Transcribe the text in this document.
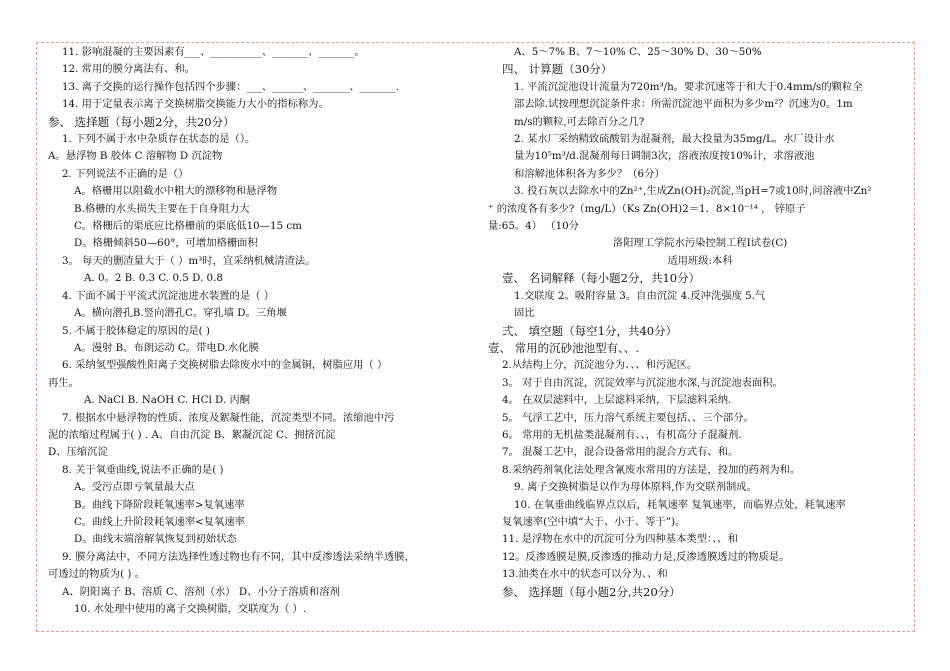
11. 影响混凝的主要因素有___、__________、_______、_______。
12. 常用的膜分离法有、和。
13. 离子交换的运行操作包括四个步骤：___、______、_______、_______.
14. 用于定量表示离子交换树脂交换能力大小的指标称为。
参、 选择题（每小题2分，共20分）
1. 下列不属于水中杂质存在状态的是（）。
A。悬浮物 B 胶体 C 溶解物 D 沉淀物
2. 下列说法不正确的是（）
A。格栅用以阻截水中粗大的漂移物和悬浮物
B.格栅的水头损失主要在于自身阻力大
C。格栅后的渠底应比格栅前的渠底低10—15 cm
D。格栅倾斜50—60°，可增加格栅面积
3。 每天的删渣量大于（ ）m³时，宜采纳机械清渣法。
A. 0。2 B. 0.3 C. 0.5 D. 0.8
4. 下面不属于平流式沉淀池进水装置的是（ ）
A。横向潜孔B.竖向潜孔C。穿孔墙 D。三角堰
5. 不属于胶体稳定的原因的是( )
A。漫射 B。布朗运动 C。带电D.水化膜
6. 采纳氢型强酸性阳离子交换树脂去除废水中的金属铜，树脂应用（ ）
再生。
A. NaCl B. NaOH C. HCl D. 丙酮
7. 根据水中悬浮物的性质、浓度及絮凝性能，沉淀类型不同。浓缩池中污
泥的浓缩过程属于( ) . A、自由沉淀 B、絮凝沉淀 C、拥挤沉淀
D、压缩沉淀
8. 关于氧垂曲线,说法不正确的是( )
A。受污点即亏氧量最大点
B。曲线下降阶段耗氧速率>复氧速率
C。曲线上升阶段耗氧速率<复氧速率
D。曲线末端溶解氧恢复到初始状态
9. 膜分离法中，不同方法选择性透过物也有不同，其中反渗透法采纳半透膜，
可透过的物质为( ) 。
A、阴阳离子 B、溶质 C、溶剂（水） D、小分子溶质和溶剂
10. 水处理中使用的离子交换树脂，交联度为（ ）.
A、5～7% B、7～10% C、25～30% D、30～50%
四、 计算题（30分）
1. 平流沉淀池设计流量为720m³/h。要求沉速等于和大于0.4mm/s的颗粒全
部去除.试按理想沉淀条件求：所需沉淀池平面积为多少m²？沉速为0。1m
m/s的颗粒,可去除百分之几?
2. 某水厂采纳精致硫酸铝为混凝剂，最大投量为35mg/L。水厂设计水
量为10⁵m³/d.混凝剂每日调制3次，溶液浓度按10%计，求溶液池
和溶解池体积各为多少？（6分）
3. 投石灰以去除水中的Zn²⁺,生成Zn(OH)₂沉淀,当pH=7或10时,问溶液中Zn²
⁺ 的浓度各有多少?（mg/L）（Ks Zn(OH)2＝1．8×10⁻¹⁴ ， 锌原子
量:65。4） （10分
洛阳理工学院水污染控制工程Ⅰ试卷(C)
适用班级:本科
壹、 名词解释（每小题2分，共10分）
1.交联度 2。吸附容量 3。自由沉淀 4.反冲洗强度 5.气
固比
弍、 填空题（每空1分，共40分）
壹、 常用的沉砂池池型有、、.
2.从结构上分，沉淀池分为、、、和污泥区。
3。 对于自由沉淀，沉淀效率与沉淀池水深,与沉淀池表面积。
4。 在双层滤料中，上层滤料采纳，下层滤料采纳.
5。 气浮工艺中，压力溶气系统主要包括、、三个部分。
6。 常用的无机盐类混凝剂有、、，有机高分子混凝剂.
7。 混凝工艺中，混合设备常用的混合方式有、和。
8.采纳药剂氧化法处理含氰废水常用的方法是，投加的药剂为和。
9. 离子交换树脂是以作为母体原料,作为交联剂制成。
10. 在氧垂曲线临界点以后，耗氧速率 复氧速率，而临界点处，耗氧速率
复氧速率(空中填“大于、小于、等于”)。
11. 是浮物在水中的沉淀可分为四种基本类型：、、和
12。反渗透膜是膜,反渗透的推动力是,反渗透膜透过的物质是。
13.油类在水中的状态可以分为、、和
参、 选择题（每小题2分,共20分）
